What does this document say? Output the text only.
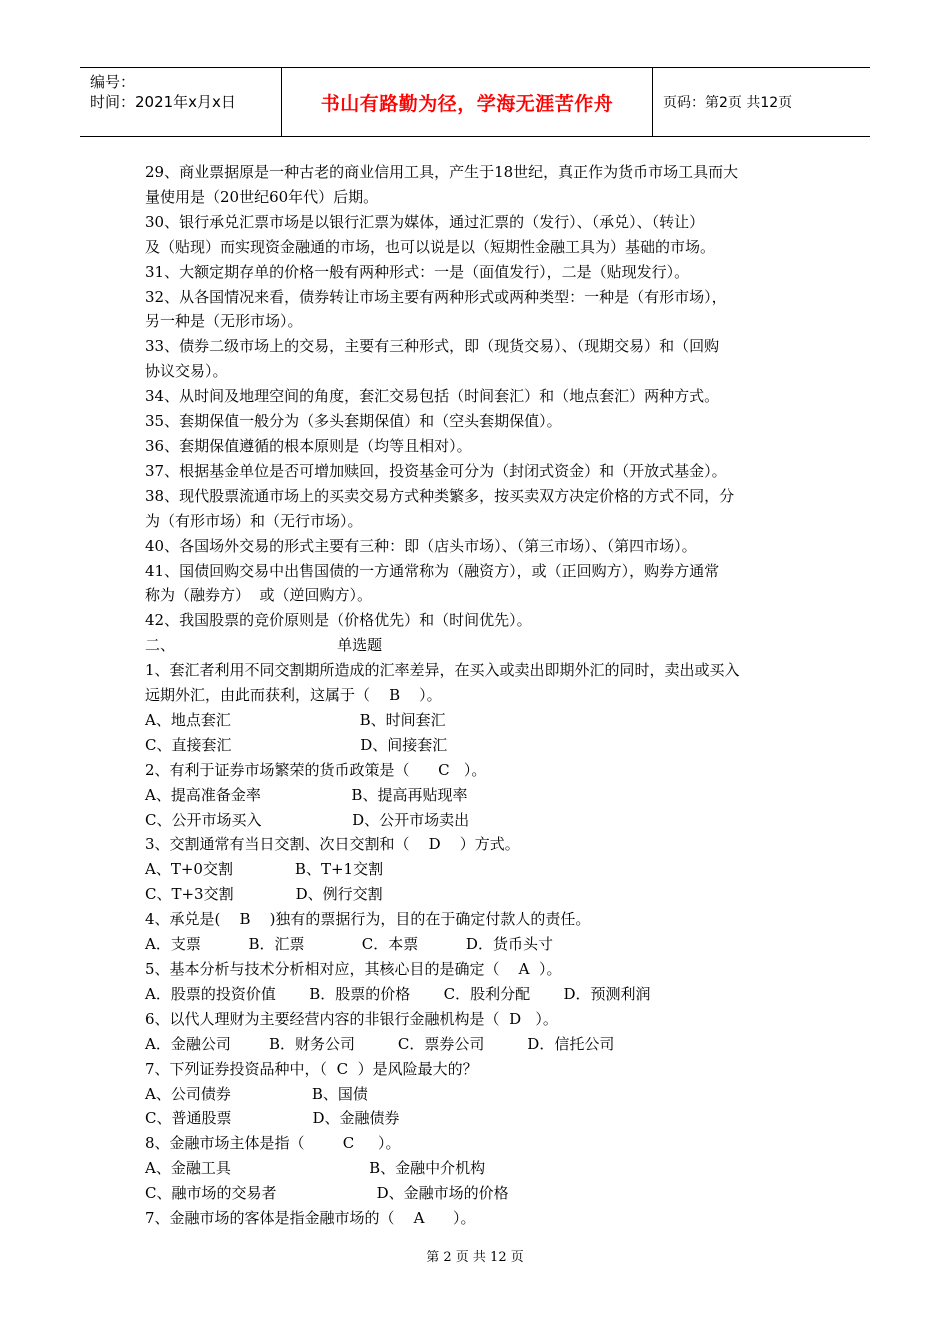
编号：
时间：2021年x月x日	书山有路勤为径，学海无涯苦作舟	页码：第2页 共12页

29、商业票据原是一种古老的商业信用工具，产生于18世纪，真正作为货币市场工具而大

量使用是（20世纪60年代）后期。

30、银行承兑汇票市场是以银行汇票为媒体，通过汇票的（发行）、（承兑）、（转让）

及（贴现）而实现资金融通的市场，也可以说是以（短期性金融工具为）基础的市场。

31、大额定期存单的价格一般有两种形式：一是（面值发行），二是（贴现发行）。

32、从各国情况来看，债券转让市场主要有两种形式或两种类型：一种是（有形市场），

另一种是（无形市场）。

33、债券二级市场上的交易，主要有三种形式，即（现货交易）、（现期交易）和（回购

协议交易）。

34、从时间及地理空间的角度，套汇交易包括（时间套汇）和（地点套汇）两种方式。

35、套期保值一般分为（多头套期保值）和（空头套期保值）。

36、套期保值遵循的根本原则是（均等且相对）。

37、根据基金单位是否可增加赎回，投资基金可分为（封闭式资金）和（开放式基金）。

38、现代股票流通市场上的买卖交易方式种类繁多，按买卖双方决定价格的方式不同，分

为（有形市场）和（无行市场）。

40、各国场外交易的形式主要有三种：即（店头市场）、（第三市场）、（第四市场）。

41、国债回购交易中出售国债的一方通常称为（融资方），或（正回购方），购券方通常

称为（融券方）  或（逆回购方）。

42、我国股票的竞价原则是（价格优先）和（时间优先）。

二、                                  单选题

1、套汇者利用不同交割期所造成的汇率差异，在买入或卖出即期外汇的同时，卖出或买入

远期外汇，由此而获利，这属于（    B    ）。

A、地点套汇                           B、时间套汇

C、直接套汇                           D、间接套汇

2、有利于证券市场繁荣的货币政策是（      C   ）。

A、提高准备金率                   B、提高再贴现率

C、公开市场买入                   D、公开市场卖出

3、交割通常有当日交割、次日交割和（    D    ）方式。

A、T+0交割             B、T+1交割

C、T+3交割             D、例行交割

4、承兑是(    B    )独有的票据行为，目的在于确定付款人的责任。

A．支票          B．汇票            C．本票          D．货币头寸

5、基本分析与技术分析相对应，其核心目的是确定（    A  ）。

A．股票的投资价值       B．股票的价格       C．股利分配       D．预测利润

6、以代人理财为主要经营内容的非银行金融机构是（  D   ）。

A．金融公司        B．财务公司         C．票券公司         D．信托公司

7、下列证券投资品种中，（  C  ）是风险最大的？

A、公司债券                 B、国债

C、普通股票                 D、金融债券

8、金融市场主体是指（        C     ）。

A、金融工具                             B、金融中介机构

C、融市场的交易者                     D、金融市场的价格

7、金融市场的客体是指金融市场的（    A      ）。

第 2 页 共 12 页
